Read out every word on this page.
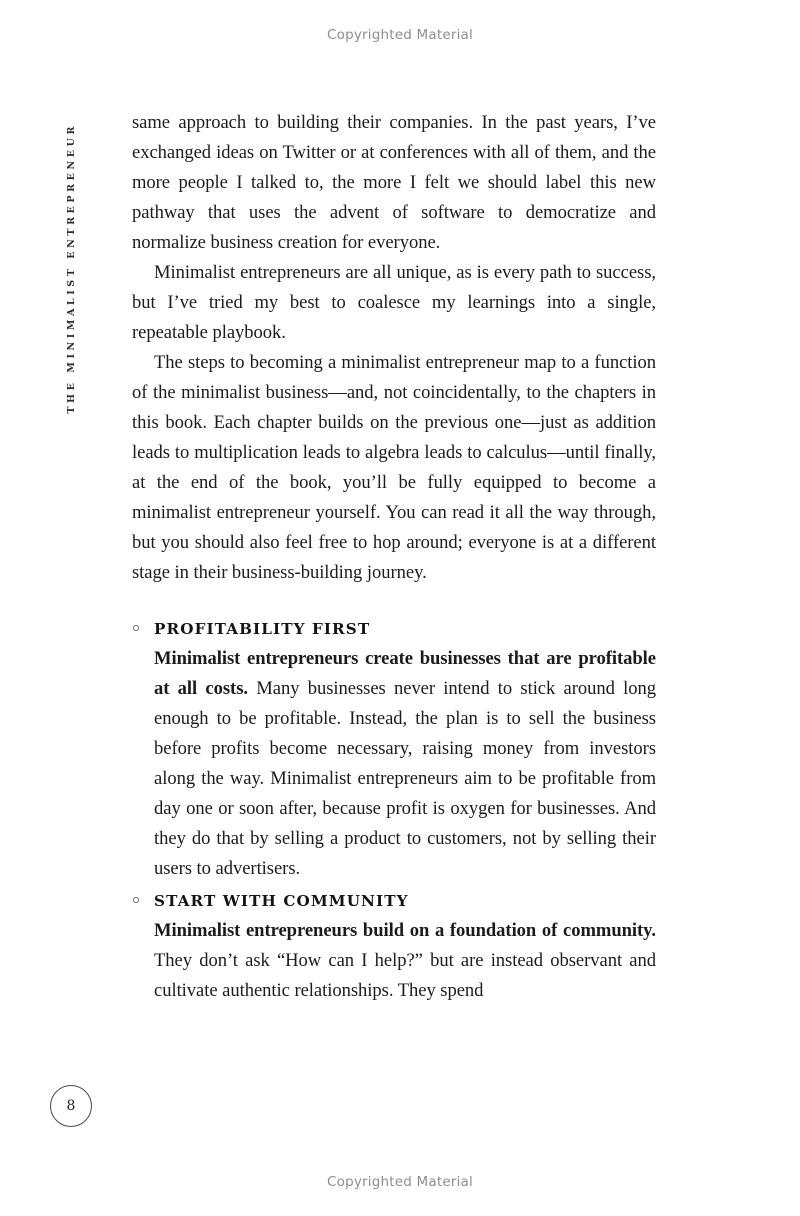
Copyrighted Material
THE MINIMALIST ENTREPRENEUR

same approach to building their companies. In the past years, I’ve exchanged ideas on Twitter or at conferences with all of them, and the more people I talked to, the more I felt we should label this new pathway that uses the advent of software to democratize and normalize business creation for everyone.

Minimalist entrepreneurs are all unique, as is every path to success, but I’ve tried my best to coalesce my learnings into a single, repeatable playbook.

The steps to becoming a minimalist entrepreneur map to a function of the minimalist business—and, not coincidentally, to the chapters in this book. Each chapter builds on the previous one—just as addition leads to multiplication leads to algebra leads to calculus—until finally, at the end of the book, you’ll be fully equipped to become a minimalist entrepreneur yourself. You can read it all the way through, but you should also feel free to hop around; everyone is at a different stage in their business-building journey.

PROFITABILITY FIRST

Minimalist entrepreneurs create businesses that are profitable at all costs. Many businesses never intend to stick around long enough to be profitable. Instead, the plan is to sell the business before profits become necessary, raising money from investors along the way. Minimalist entrepreneurs aim to be profitable from day one or soon after, because profit is oxygen for businesses. And they do that by selling a product to customers, not by selling their users to advertisers.

START WITH COMMUNITY

Minimalist entrepreneurs build on a foundation of community. They don’t ask “How can I help?” but are instead observant and cultivate authentic relationships. They spend

8
Copyrighted Material
